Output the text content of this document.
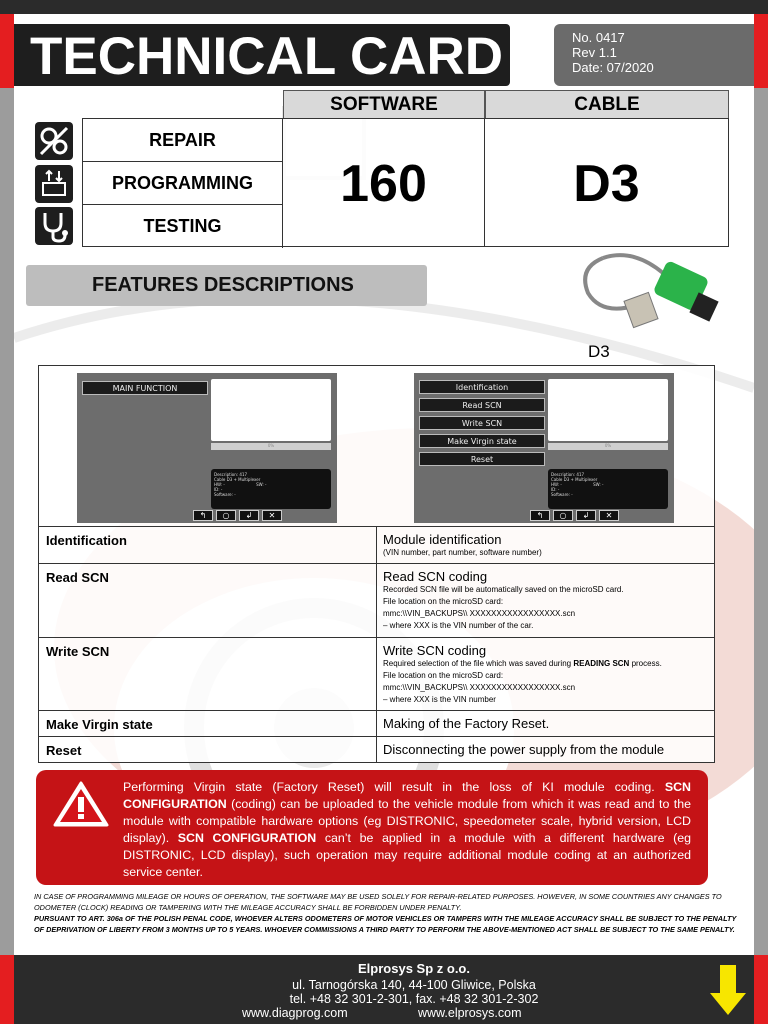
TECHNICAL CARD	No. 0417
Rev 1.1
Date: 07/2020
SOFTWARE	CABLE
REPAIR
PROGRAMMING
TESTING
160	D3
FEATURES DESCRIPTIONS
D3
MAIN FUNCTION
0%
Description: 417
Cable D3 + Multiplexer
HW: -	SW: -
ID: -
Software: -
↰	○	↲	✕
Identification
Read SCN
Write SCN
Make Virgin state
Reset
0%
Description: 417
Cable D3 + Multiplexer
HW: -	SW: -
ID: -
Software: -
↰	○	↲	✕
Identification	Module identification
(VIN number, part number, software number)
Read SCN	Read SCN coding
Recorded SCN file will be automatically saved on the microSD card.
File location on the microSD card:
mmc:\\VIN_BACKUPS\\ XXXXXXXXXXXXXXXXX.scn
– where XXX is the VIN number of the car.
Write SCN	Write SCN coding
Required selection of the file which was saved during READING SCN process.
File location on the microSD card:
mmc:\\VIN_BACKUPS\\ XXXXXXXXXXXXXXXXX.scn
– where XXX is the VIN number
Make Virgin state	Making of the Factory Reset.
Reset	Disconnecting the power supply from the module
Performing Virgin state (Factory Reset) will result in the loss of KI module coding. SCN CONFIGURATION (coding) can be uploaded to the vehicle module from which it was read and to the module with compatible hardware options (eg DISTRONIC, speedometer scale, hybrid version, LCD display). SCN CONFIGURATION can’t be applied in a module with a different hardware (eg DISTRONIC, LCD display), such operation may require additional module coding at an authorized service center.
IN CASE OF PROGRAMMING MILEAGE OR HOURS OF OPERATION, THE SOFTWARE MAY BE USED SOLELY FOR REPAIR-RELATED PURPOSES. HOWEVER, IN SOME COUNTRIES ANY CHANGES TO ODOMETER (CLOCK) READING OR TAMPERING WITH THE MILEAGE ACCURACY SHALL BE FORBIDDEN UNDER PENALTY.
PURSUANT TO ART. 306a OF THE POLISH PENAL CODE, WHOEVER ALTERS ODOMETERS OF MOTOR VEHICLES OR TAMPERS WITH THE MILEAGE ACCURACY SHALL BE SUBJECT TO THE PENALTY OF DEPRIVATION OF LIBERTY FROM 3 MONTHS UP TO 5 YEARS. WHOEVER COMMISSIONS A THIRD PARTY TO PERFORM THE ABOVE-MENTIONED ACT SHALL BE SUBJECT TO THE SAME PENALTY.
Elprosys Sp z o.o.
ul. Tarnogórska 140, 44-100 Gliwice, Polska
tel. +48 32 301-2-301, fax. +48 32 301-2-302
www.diagprog.com	www.elprosys.com
